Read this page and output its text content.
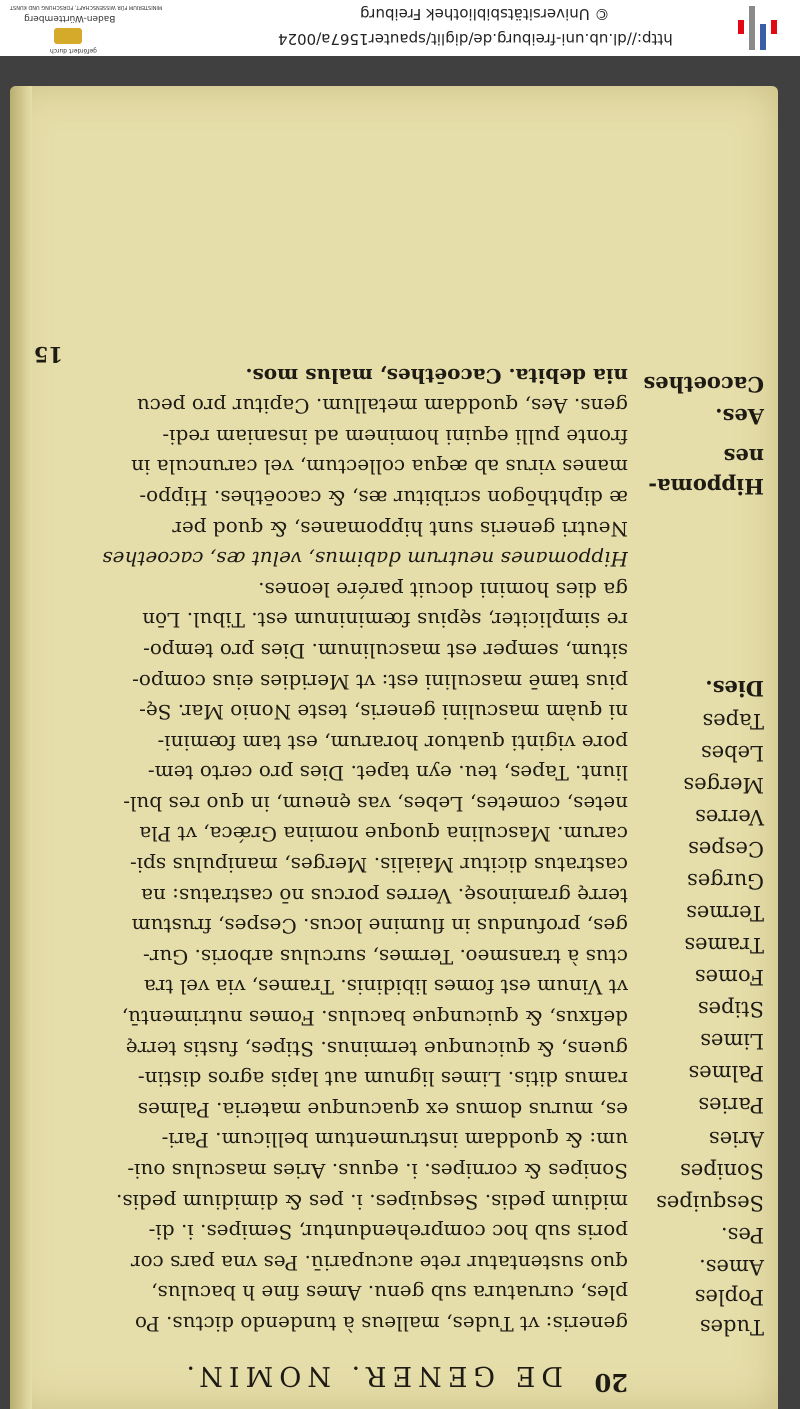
MINISTERIUM FÜR WISSENSCHAFT, FORSCHUNG UND KUNST
Baden-Württemberg
gefördert durch
© Universitätsbibliothek Freiburg
http://dl.ub.uni-freiburg.de/diglit/spauter1567a/0024
20
DE GENER. NOMIN.
generis: vt Tudes, malleus à tundendo dictus. Po
ples, curuatura sub genu. Ames fine h baculus,
quo sustentatur rete aucupariū. Pes vna pars cor
poris sub hoc comprehenduntur, Semipes. i. di-
midium pedis. Sesquipes. i. pes & dimidium pedis.
Sonipes & cornipes. i. equus. Aries masculus oui-
um: & quoddam instrumentum bellicum. Pari-
es, murus domus ex quacunque materia. Palmes
ramus ditis. Limes lignum aut lapis agros distin-
guens, & quicunque terminus. Stipes, fustis terrę
defixus, & quicunque baculus. Fomes nutrimentū,
vt Vinum est fomes libidinis. Trames, via vel tra
ctus à transmeo. Termes, surculus arboris. Gur-
ges, profundus in flumine locus. Cespes, frustum
terrę graminosę. Verres porcus nō castratus: na
castratus dicitur Maialis. Merges, manipulus spi-
carum. Masculina quoque nomina Grǽca, vt Pla
netes, cometes, Lebes, vas ęneum, in quo res bul-
liunt. Tapes, teu. eyn tapet. Dies pro certo tem-
pore viginti quatuor horarum, est tam fœmini-
ni quàm masculini generis, teste Nonio Mar. Sę-
pius tamē masculini est: vt Meridies eius compo-
situm, semper est masculinum. Dies pro tempo-
re simpliciter, sępius fœmininum est. Tibul. Lōn
ga dies homini docuit parére leones.
Hippomanes neutrum dabimus, velut æs, cacoethes
Neutri generis sunt hippomanes, & quod per
æ diphthōgon scribitur æs, & cacoēthes. Hippo-
manes virus ab æqua collectum, vel caruncula in
fronte pulli equini hominem ad insaniam redi-
gens. Aes, quoddam metallum. Capitur pro pecu
nia debita. Cacoēthes, malus mos.
Tudes
Poples
Ames.
Pes.
Sesquipes
Sonipes
Aries
Paries
Palmes
Limes
Stipes
Fomes
Trames
Termes
Gurges
Cespes
Verres
Merges
Lebes
Tapes
Dies.
Hippoma-
nes
Aes.
Cacoethes
15
